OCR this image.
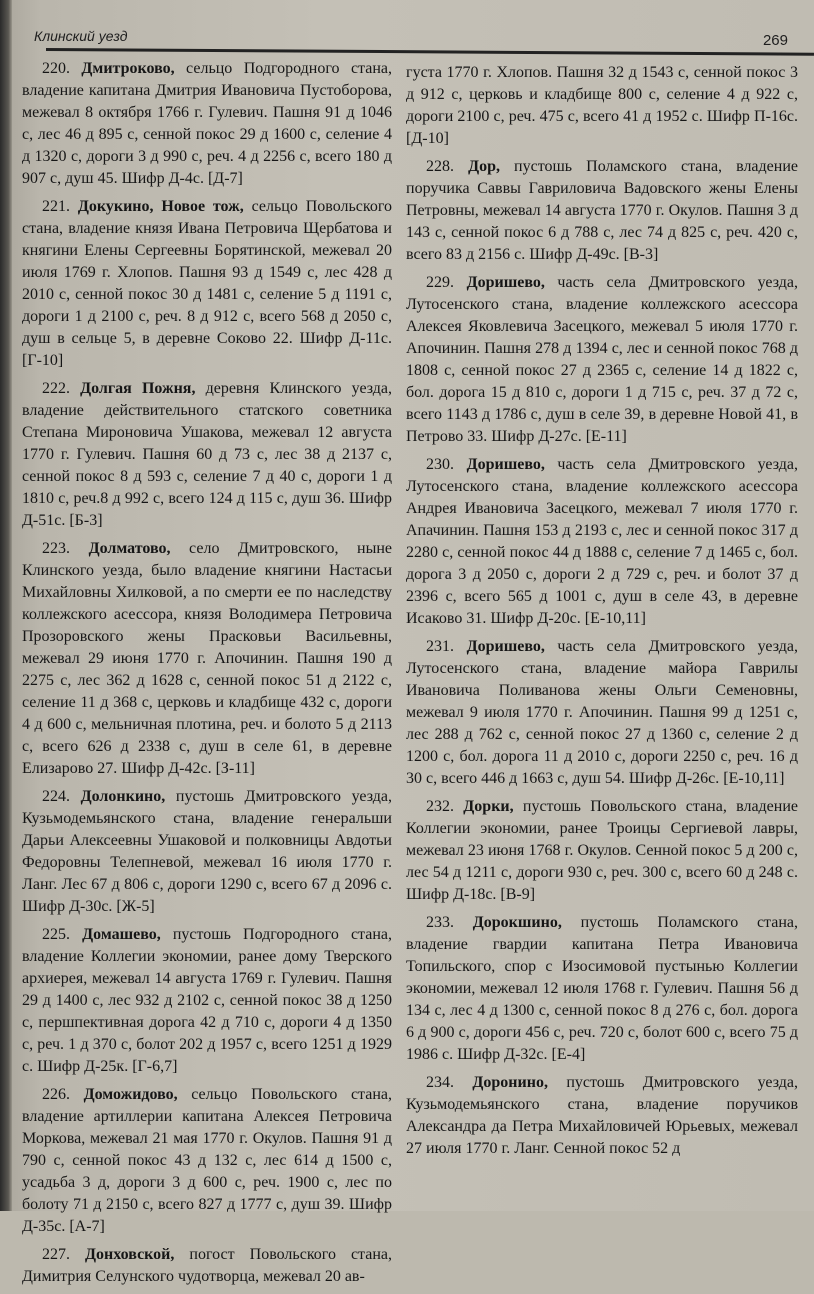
Клинский уезд	269

220. Дмитроково, сельцо Подгородного стана, владение капитана Дмитрия Ивановича Пустоборова, межевал 8 октября 1766 г. Гулевич. Пашня 91 д 1046 с, лес 46 д 895 с, сенной покос 29 д 1600 с, селение 4 д 1320 с, дороги 3 д 990 с, реч. 4 д 2256 с, всего 180 д 907 с, душ 45. Шифр Д-4с. [Д-7]

221. Докукино, Новое тож, сельцо Повольского стана, владение князя Ивана Петровича Щербатова и княгини Елены Сергеевны Борятинской, межевал 20 июля 1769 г. Хлопов. Пашня 93 д 1549 с, лес 428 д 2010 с, сенной покос 30 д 1481 с, селение 5 д 1191 с, дороги 1 д 2100 с, реч. 8 д 912 с, всего 568 д 2050 с, душ в сельце 5, в деревне Соково 22. Шифр Д-11с. [Г-10]

222. Долгая Пожня, деревня Клинского уезда, владение действительного статского советника Степана Мироновича Ушакова, межевал 12 августа 1770 г. Гулевич. Пашня 60 д 73 с, лес 38 д 2137 с, сенной покос 8 д 593 с, селение 7 д 40 с, дороги 1 д 1810 с, реч.8 д 992 с, всего 124 д 115 с, душ 36. Шифр Д-51с. [Б-3]

223. Долматово, село Дмитровского, ныне Клинского уезда, было владение княгини Настасьи Михайловны Хилковой, а по смерти ее по наследству коллежского асессора, князя Володимера Петровича Прозоровского жены Прасковьи Васильевны, межевал 29 июня 1770 г. Апочинин. Пашня 190 д 2275 с, лес 362 д 1628 с, сенной покос 51 д 2122 с, селение 11 д 368 с, церковь и кладбище 432 с, дороги 4 д 600 с, мельничная плотина, реч. и болото 5 д 2113 с, всего 626 д 2338 с, душ в селе 61, в деревне Елизарово 27. Шифр Д-42с. [З-11]

224. Долонкино, пустошь Дмитровского уезда, Кузьмодемьянского стана, владение генеральши Дарьи Алексеевны Ушаковой и полковницы Авдотьи Федоровны Телепневой, межевал 16 июля 1770 г. Ланг. Лес 67 д 806 с, дороги 1290 с, всего 67 д 2096 с. Шифр Д-30с. [Ж-5]

225. Домашево, пустошь Подгородного стана, владение Коллегии экономии, ранее дому Тверского архиерея, межевал 14 августа 1769 г. Гулевич. Пашня 29 д 1400 с, лес 932 д 2102 с, сенной покос 38 д 1250 с, першпективная дорога 42 д 710 с, дороги 4 д 1350 с, реч. 1 д 370 с, болот 202 д 1957 с, всего 1251 д 1929 с. Шифр Д-25к. [Г-6,7]

226. Доможидово, сельцо Повольского стана, владение артиллерии капитана Алексея Петровича Моркова, межевал 21 мая 1770 г. Окулов. Пашня 91 д 790 с, сенной покос 43 д 132 с, лес 614 д 1500 с, усадьба 3 д, дороги 3 д 600 с, реч. 1900 с, лес по болоту 71 д 2150 с, всего 827 д 1777 с, душ 39. Шифр Д-35с. [А-7]

227. Донховской, погост Повольского стана, Димитрия Селунского чудотворца, межевал 20 ав-

густа 1770 г. Хлопов. Пашня 32 д 1543 с, сенной покос 3 д 912 с, церковь и кладбище 800 с, селение 4 д 922 с, дороги 2100 с, реч. 475 с, всего 41 д 1952 с. Шифр П-16с. [Д-10]

228. Дор, пустошь Поламского стана, владение поручика Саввы Гавриловича Вадовского жены Елены Петровны, межевал 14 августа 1770 г. Окулов. Пашня 3 д 143 с, сенной покос 6 д 788 с, лес 74 д 825 с, реч. 420 с, всего 83 д 2156 с. Шифр Д-49с. [В-3]

229. Доришево, часть села Дмитровского уезда, Лутосенского стана, владение коллежского асессора Алексея Яковлевича Засецкого, межевал 5 июля 1770 г. Апочинин. Пашня 278 д 1394 с, лес и сенной покос 768 д 1808 с, сенной покос 27 д 2365 с, селение 14 д 1822 с, бол. дорога 15 д 810 с, дороги 1 д 715 с, реч. 37 д 72 с, всего 1143 д 1786 с, душ в селе 39, в деревне Новой 41, в Петрово 33. Шифр Д-27с. [Е-11]

230. Доришево, часть села Дмитровского уезда, Лутосенского стана, владение коллежского асессора Андрея Ивановича Засецкого, межевал 7 июля 1770 г. Апачинин. Пашня 153 д 2193 с, лес и сенной покос 317 д 2280 с, сенной покос 44 д 1888 с, селение 7 д 1465 с, бол. дорога 3 д 2050 с, дороги 2 д 729 с, реч. и болот 37 д 2396 с, всего 565 д 1001 с, душ в селе 43, в деревне Исаково 31. Шифр Д-20с. [Е-10,11]

231. Доришево, часть села Дмитровского уезда, Лутосенского стана, владение майора Гаврилы Ивановича Поливанова жены Ольги Семеновны, межевал 9 июля 1770 г. Апочинин. Пашня 99 д 1251 с, лес 288 д 762 с, сенной покос 27 д 1360 с, селение 2 д 1200 с, бол. дорога 11 д 2010 с, дороги 2250 с, реч. 16 д 30 с, всего 446 д 1663 с, душ 54. Шифр Д-26с. [Е-10,11]

232. Дорки, пустошь Повольского стана, владение Коллегии экономии, ранее Троицы Сергиевой лавры, межевал 23 июня 1768 г. Окулов. Сенной покос 5 д 200 с, лес 54 д 1211 с, дороги 930 с, реч. 300 с, всего 60 д 248 с. Шифр Д-18с. [В-9]

233. Дорокшино, пустошь Поламского стана, владение гвардии капитана Петра Ивановича Топильского, спор с Изосимовой пустынью Коллегии экономии, межевал 12 июля 1768 г. Гулевич. Пашня 56 д 134 с, лес 4 д 1300 с, сенной покос 8 д 276 с, бол. дорога 6 д 900 с, дороги 456 с, реч. 720 с, болот 600 с, всего 75 д 1986 с. Шифр Д-32с. [Е-4]

234. Доронино, пустошь Дмитровского уезда, Кузьмодемьянского стана, владение поручиков Александра да Петра Михайловичей Юрьевых, межевал 27 июля 1770 г. Ланг. Сенной покос 52 д
